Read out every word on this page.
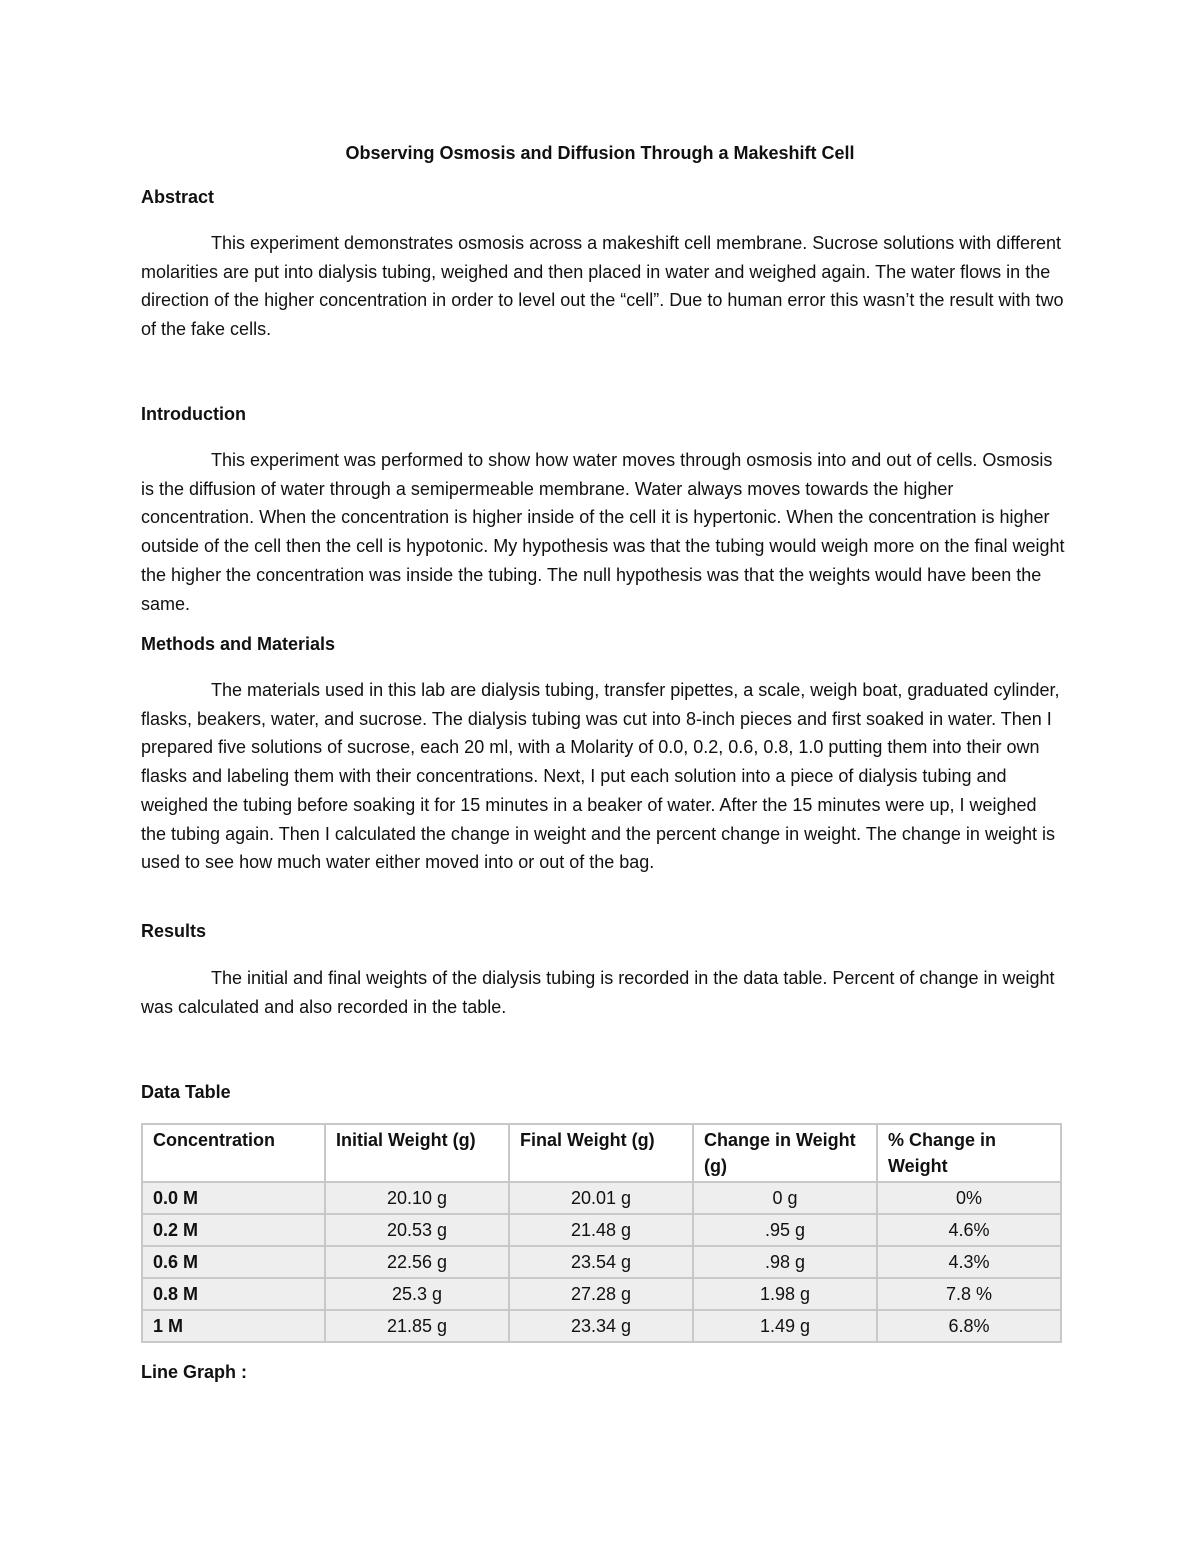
Observing Osmosis and Diffusion Through a Makeshift Cell
Abstract

This experiment demonstrates osmosis across a makeshift cell membrane. Sucrose solutions with different molarities are put into dialysis tubing, weighed and then placed in water and weighed again. The water flows in the direction of the higher concentration in order to level out the “cell”. Due to human error this wasn’t the result with two of the fake cells.

Introduction

This experiment was performed to show how water moves through osmosis into and out of cells. Osmosis is the diffusion of water through a semipermeable membrane. Water always moves towards the higher concentration. When the concentration is higher inside of the cell it is hypertonic. When the concentration is higher outside of the cell then the cell is hypotonic. My hypothesis was that the tubing would weigh more on the final weight the higher the concentration was inside the tubing. The null hypothesis was that the weights would have been the same.

Methods and Materials

The materials used in this lab are dialysis tubing, transfer pipettes, a scale, weigh boat, graduated cylinder, flasks, beakers, water, and sucrose. The dialysis tubing was cut into 8-inch pieces and first soaked in water. Then I prepared five solutions of sucrose, each 20 ml, with a Molarity of 0.0, 0.2, 0.6, 0.8, 1.0 putting them into their own flasks and labeling them with their concentrations. Next, I put each solution into a piece of dialysis tubing and weighed the tubing before soaking it for 15 minutes in a beaker of water. After the 15 minutes were up, I weighed the tubing again. Then I calculated the change in weight and the percent change in weight. The change in weight is used to see how much water either moved into or out of the bag.

Results

The initial and final weights of the dialysis tubing is recorded in the data table. Percent of change in weight was calculated and also recorded in the table.

Data Table
Concentration	Initial Weight (g)	Final Weight (g)	Change in Weight (g)	% Change in Weight
0.0 M	20.10 g	20.01 g	0 g	0%
0.2 M	20.53 g	21.48 g	.95 g	4.6%
0.6 M	22.56 g	23.54 g	.98 g	4.3%
0.8 M	25.3 g	27.28 g	1.98 g	7.8 %
1 M	21.85 g	23.34 g	1.49 g	6.8%
Line Graph :
